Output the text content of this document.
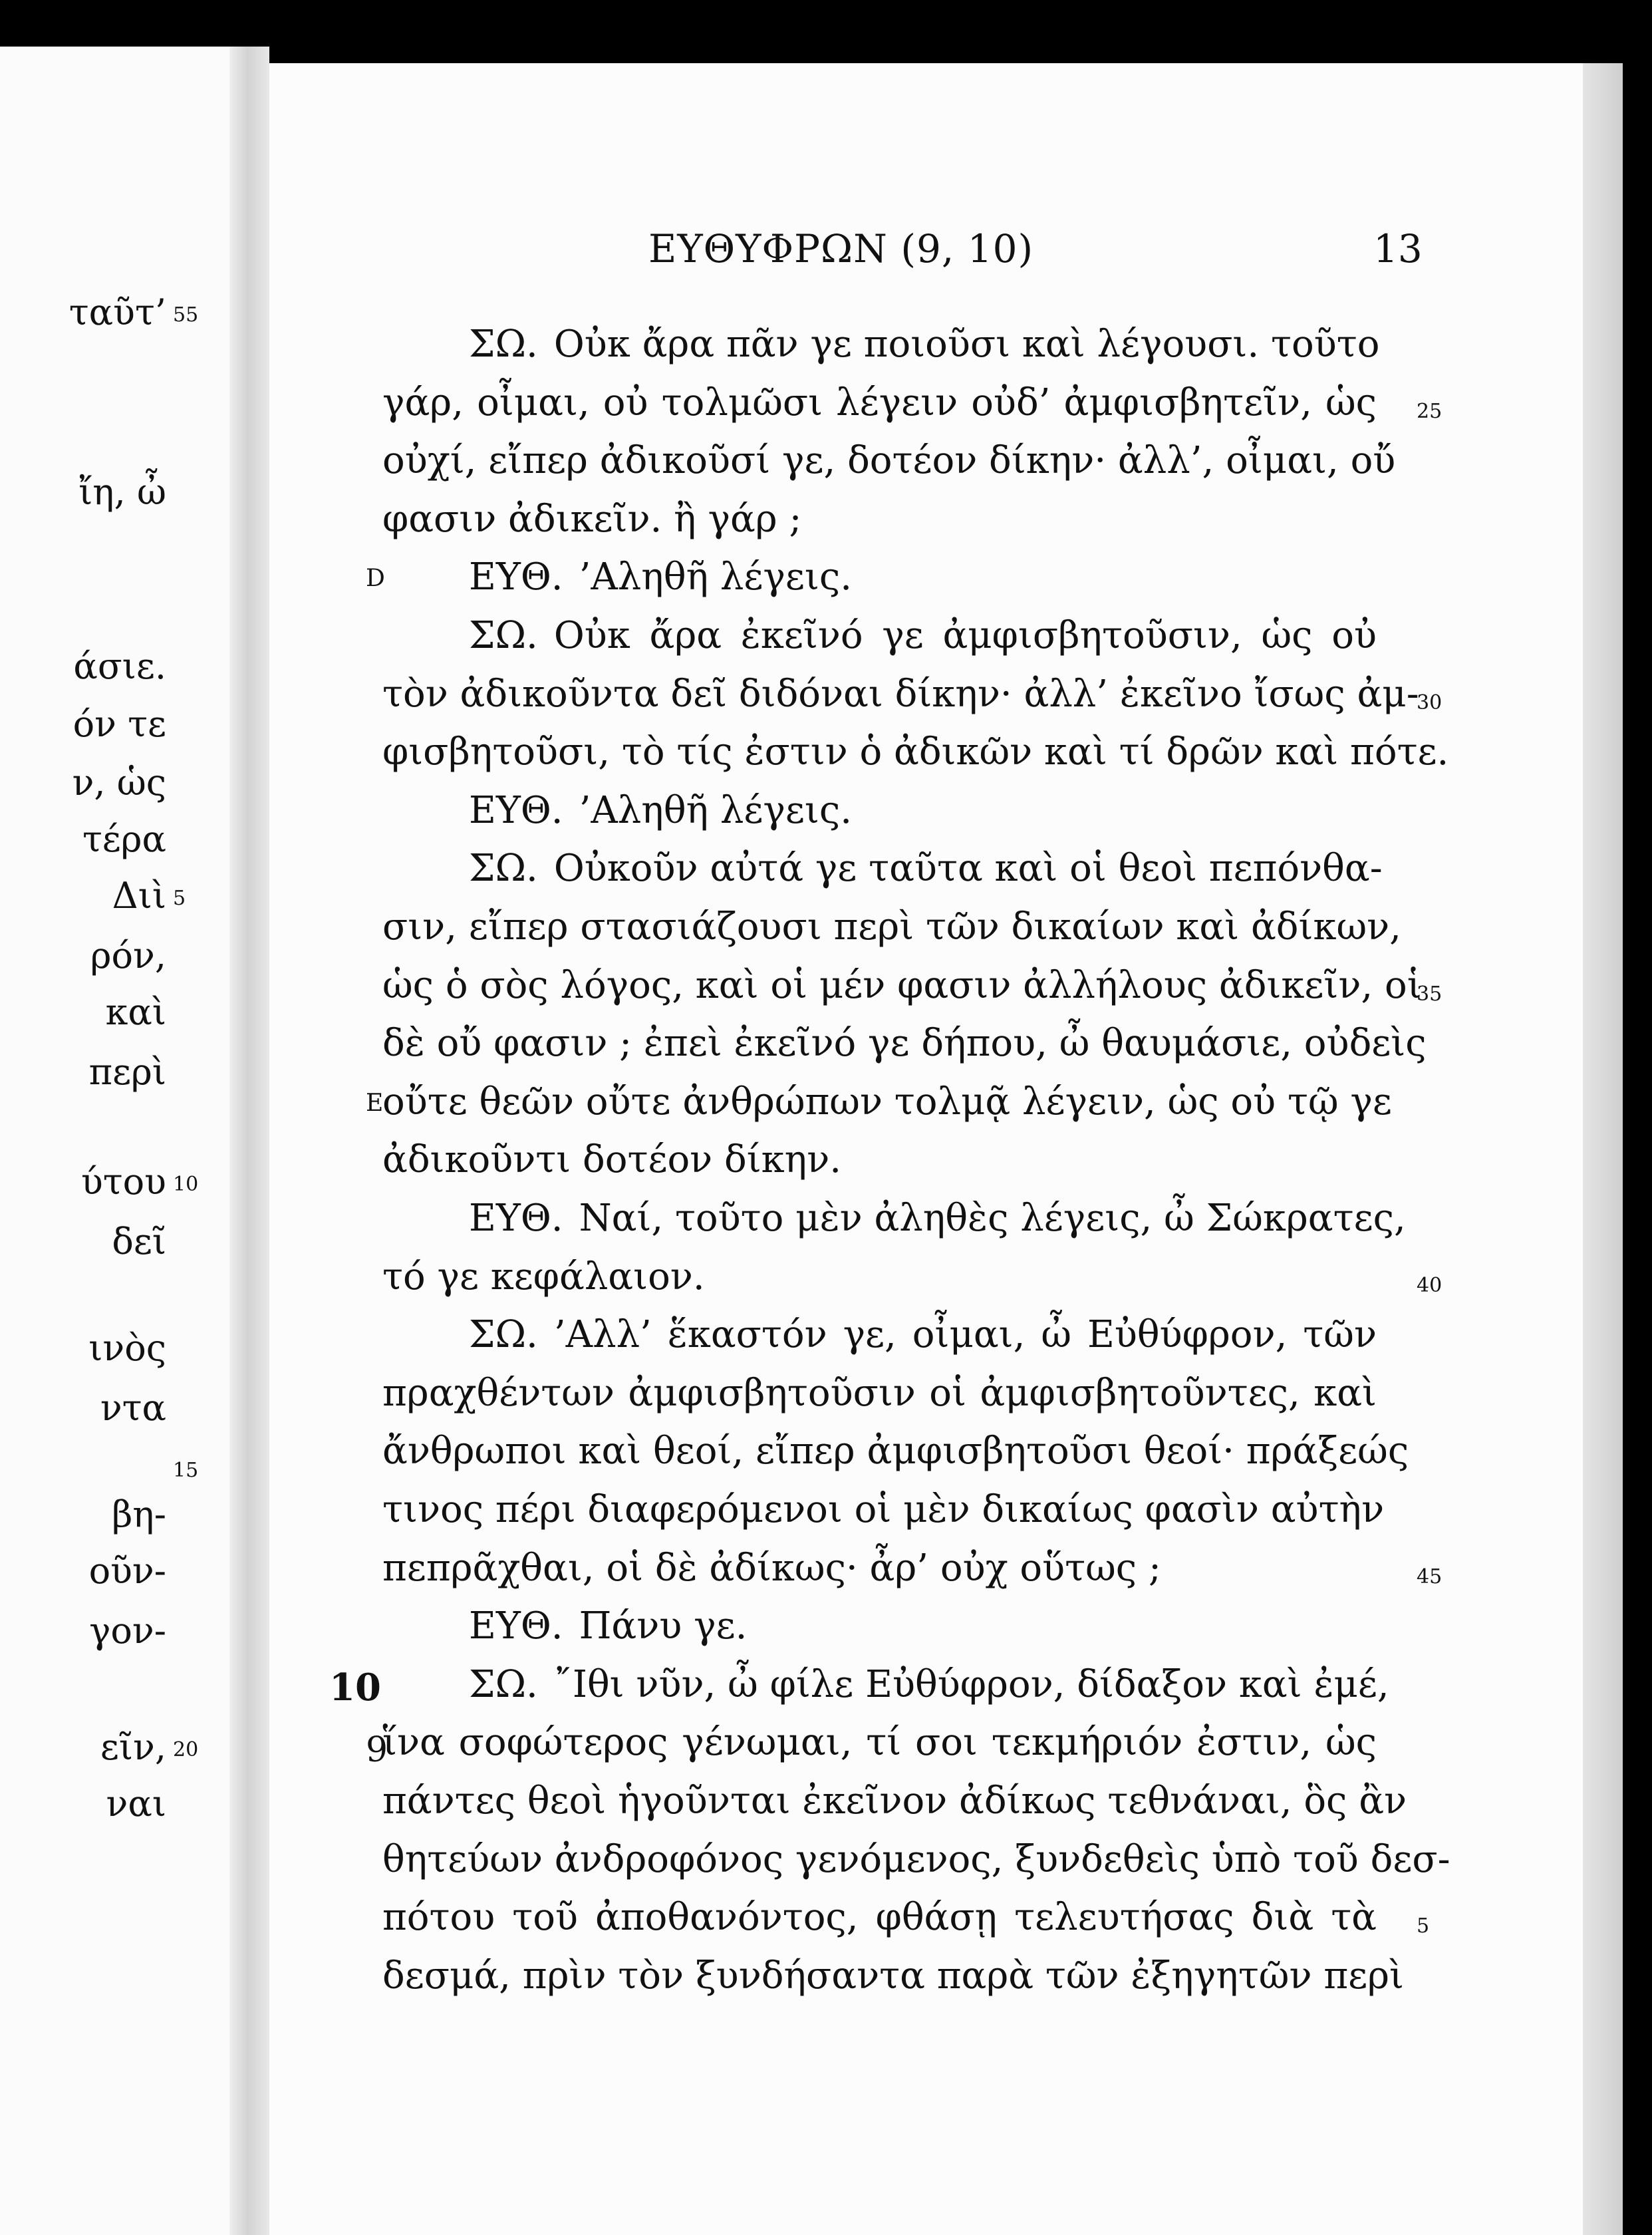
ταῦτ’ 55
ἴη, ὦ
άσιε.
όν τε
ν, ὡς
τέρα
Διὶ 5
ρόν,
καὶ
περὶ
ύτου 10
δεῖ
ινὸς
ντα
15
βη-
οῦν-
γον-
εῖν, 20
ναι
ΕΥΘΥΦΡΩΝ (9, 10)	13
ΣΩ. Οὐκ ἄρα πᾶν γε ποιοῦσι καὶ λέγουσι. τοῦτο
γάρ, οἶμαι, οὐ τολμῶσι λέγειν οὐδ’ ἀμφισβητεῖν, ὡς 25
οὐχί, εἴπερ ἀδικοῦσί γε, δοτέον δίκην· ἀλλ’, οἶμαι, οὔ
φασιν ἀδικεῖν. ἢ γάρ ;
ΕΥΘ. ’Αληθῆ λέγεις.
D
ΣΩ. Οὐκ ἄρα ἐκεῖνό γε ἀμφισβητοῦσιν, ὡς οὐ
τὸν ἀδικοῦντα δεῖ διδόναι δίκην· ἀλλ’ ἐκεῖνο ἴσως ἀμ-
30
φισβητοῦσι, τὸ τίς ἐστιν ὁ ἀδικῶν καὶ τί δρῶν καὶ πότε.
ΕΥΘ. ’Αληθῆ λέγεις.
ΣΩ. Οὐκοῦν αὐτά γε ταῦτα καὶ οἱ θεοὶ πεπόνθα-
σιν, εἴπερ στασιάζουσι περὶ τῶν δικαίων καὶ ἀδίκων,
ὡς ὁ σὸς λόγος, καὶ οἱ μέν φασιν ἀλλήλους ἀδικεῖν, οἱ
35
δὲ οὔ φασιν ; ἐπεὶ ἐκεῖνό γε δήπου, ὦ θαυμάσιε, οὐδεὶς
οὔτε θεῶν οὔτε ἀνθρώπων τολμᾷ λέγειν, ὡς οὐ τῷ γε
E
ἀδικοῦντι δοτέον δίκην.
ΕΥΘ. Ναί, τοῦτο μὲν ἀληθὲς λέγεις, ὦ Σώκρατες,
τό γε κεφάλαιον.	40
ΣΩ. ’Αλλ’ ἕκαστόν γε, οἶμαι, ὦ Εὐθύφρον, τῶν
πραχθέντων ἀμφισβητοῦσιν οἱ ἀμφισβητοῦντες, καὶ
ἄνθρωποι καὶ θεοί, εἴπερ ἀμφισβητοῦσι θεοί· πράξεώς
τινος πέρι διαφερόμενοι οἱ μὲν δικαίως φασὶν αὐτὴν
πεπρᾶχθαι, οἱ δὲ ἀδίκως· ἆρ’ οὐχ οὕτως ;	45
ΕΥΘ. Πάνυ γε.
ΣΩ. ῎Ιθι νῦν, ὦ φίλε Εὐθύφρον, δίδαξον καὶ ἐμέ,
10
ἵνα σοφώτερος γένωμαι, τί σοι τεκμήριόν ἐστιν, ὡς
9
πάντες θεοὶ ἡγοῦνται ἐκεῖνον ἀδίκως τεθνάναι, ὃς ἂν
θητεύων ἀνδροφόνος γενόμενος, ξυνδεθεὶς ὑπὸ τοῦ δεσ-
πότου τοῦ ἀποθανόντος, φθάσῃ τελευτήσας διὰ τὰ 5
δεσμά, πρὶν τὸν ξυνδήσαντα παρὰ τῶν ἐξηγητῶν περὶ
